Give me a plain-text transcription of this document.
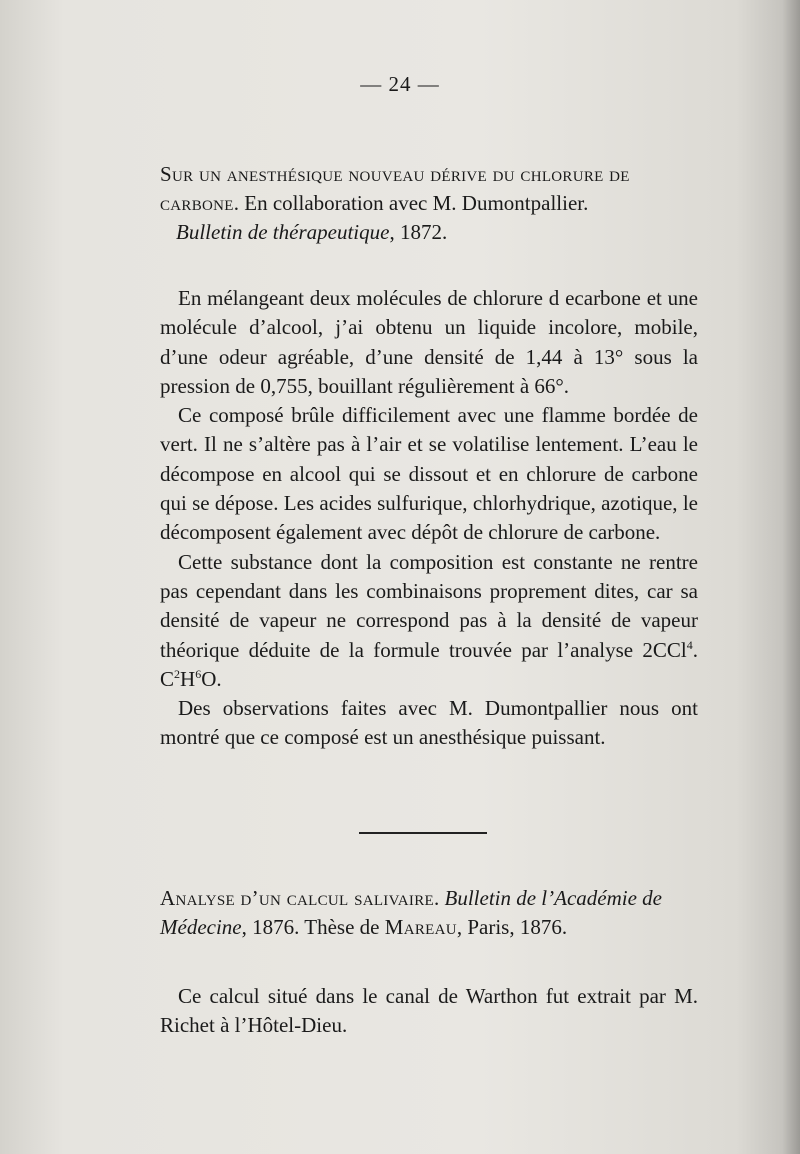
— 24 —
Sur un anesthésique nouveau dérive du chlorure de carbone. En collaboration avec M. Dumontpallier.
Bulletin de thérapeutique, 1872.

En mélangeant deux molécules de chlorure d ecarbone et une molécule d’alcool, j’ai obtenu un liquide incolore, mobile, d’une odeur agréable, d’une densité de 1,44 à 13° sous la pression de 0,755, bouillant régulièrement à 66°.

Ce composé brûle difficilement avec une flamme bordée de vert. Il ne s’altère pas à l’air et se volatilise lentement. L’eau le décompose en alcool qui se dissout et en chlorure de carbone qui se dépose. Les acides sulfurique, chlorhydrique, azotique, le décomposent également avec dépôt de chlorure de carbone.

Cette substance dont la composition est constante ne rentre pas cependant dans les combinaisons proprement dites, car sa densité de vapeur ne correspond pas à la densité de vapeur théorique déduite de la formule trouvée par l’analyse 2CCl$^4$. $C^2H^6O$.

Des observations faites avec M. Dumontpallier nous ont montré que ce composé est un anesthésique puissant.

Analyse d’un calcul salivaire. Bulletin de l’Académie de Médecine, 1876. Thèse de Mareau, Paris, 1876.

Ce calcul situé dans le canal de Warthon fut extrait par M. Richet à l’Hôtel-Dieu.
